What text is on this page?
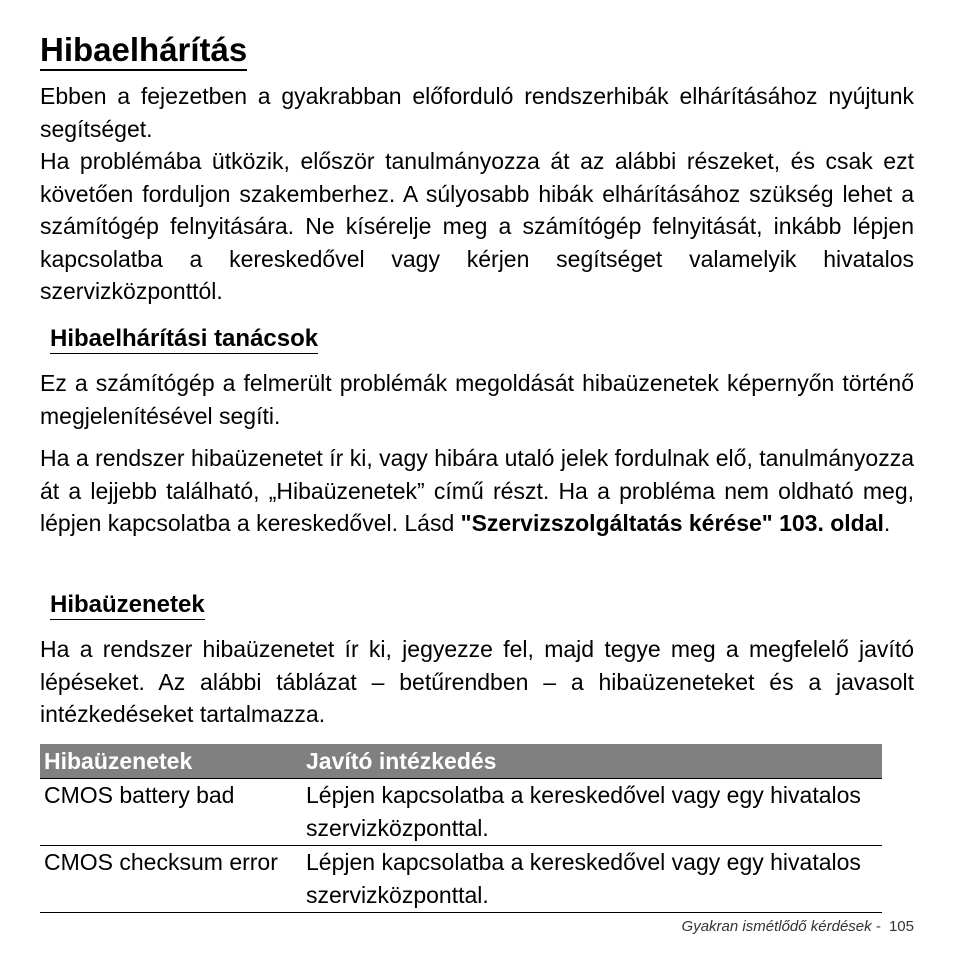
Hibaelhárítás

Ebben a fejezetben a gyakrabban előforduló rendszerhibák elhárításához nyújtunk segítséget.

Ha problémába ütközik, először tanulmányozza át az alábbi részeket, és csak ezt követően forduljon szakemberhez. A súlyosabb hibák elhárításához szükség lehet a számítógép felnyitására. Ne kísérelje meg a számítógép felnyitását, inkább lépjen kapcsolatba a kereskedővel vagy kérjen segítséget valamelyik hivatalos szervizközponttól.

Hibaelhárítási tanácsok

Ez a számítógép a felmerült problémák megoldását hibaüzenetek képernyőn történő megjelenítésével segíti.

Ha a rendszer hibaüzenetet ír ki, vagy hibára utaló jelek fordulnak elő, tanulmányozza át a lejjebb található, „Hibaüzenetek” című részt. Ha a probléma nem oldható meg, lépjen kapcsolatba a kereskedővel. Lásd "Szervizszolgáltatás kérése" 103. oldal.

Hibaüzenetek

Ha a rendszer hibaüzenetet ír ki, jegyezze fel, majd tegye meg a megfelelő javító lépéseket. Az alábbi táblázat – betűrendben – a hibaüzeneteket és a javasolt intézkedéseket tartalmazza.

Hibaüzenetek	Javító intézkedés
CMOS battery bad	Lépjen kapcsolatba a kereskedővel vagy egy hivatalos szervizközponttal.
CMOS checksum error	Lépjen kapcsolatba a kereskedővel vagy egy hivatalos szervizközponttal.
Gyakran ismétlődő kérdések - 105
